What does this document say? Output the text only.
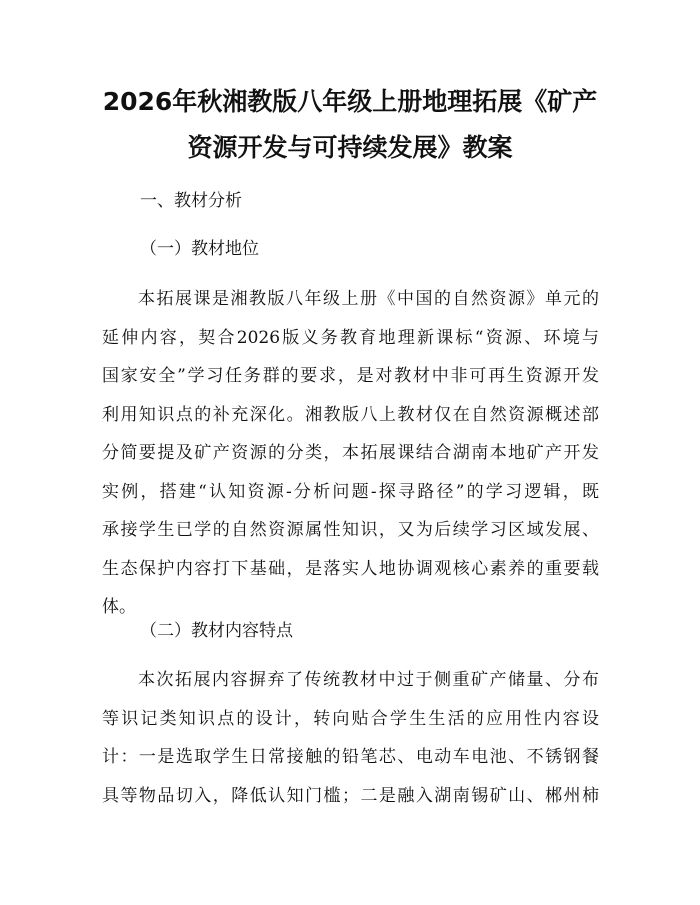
2026年秋湘教版八年级上册地理拓展《矿产
资源开发与可持续发展》教案

一、教材分析

（一）教材地位

本拓展课是湘教版八年级上册《中国的自然资源》单元的
延伸内容，契合2026版义务教育地理新课标“资源、环境与
国家安全”学习任务群的要求，是对教材中非可再生资源开发
利用知识点的补充深化。湘教版八上教材仅在自然资源概述部
分简要提及矿产资源的分类，本拓展课结合湖南本地矿产开发
实例，搭建“认知资源-分析问题-探寻路径”的学习逻辑，既
承接学生已学的自然资源属性知识，又为后续学习区域发展、
生态保护内容打下基础，是落实人地协调观核心素养的重要载
体。

（二）教材内容特点

本次拓展内容摒弃了传统教材中过于侧重矿产储量、分布
等识记类知识点的设计，转向贴合学生生活的应用性内容设
计：一是选取学生日常接触的铅笔芯、电动车电池、不锈钢餐
具等物品切入，降低认知门槛；二是融入湖南锡矿山、郴州柿
